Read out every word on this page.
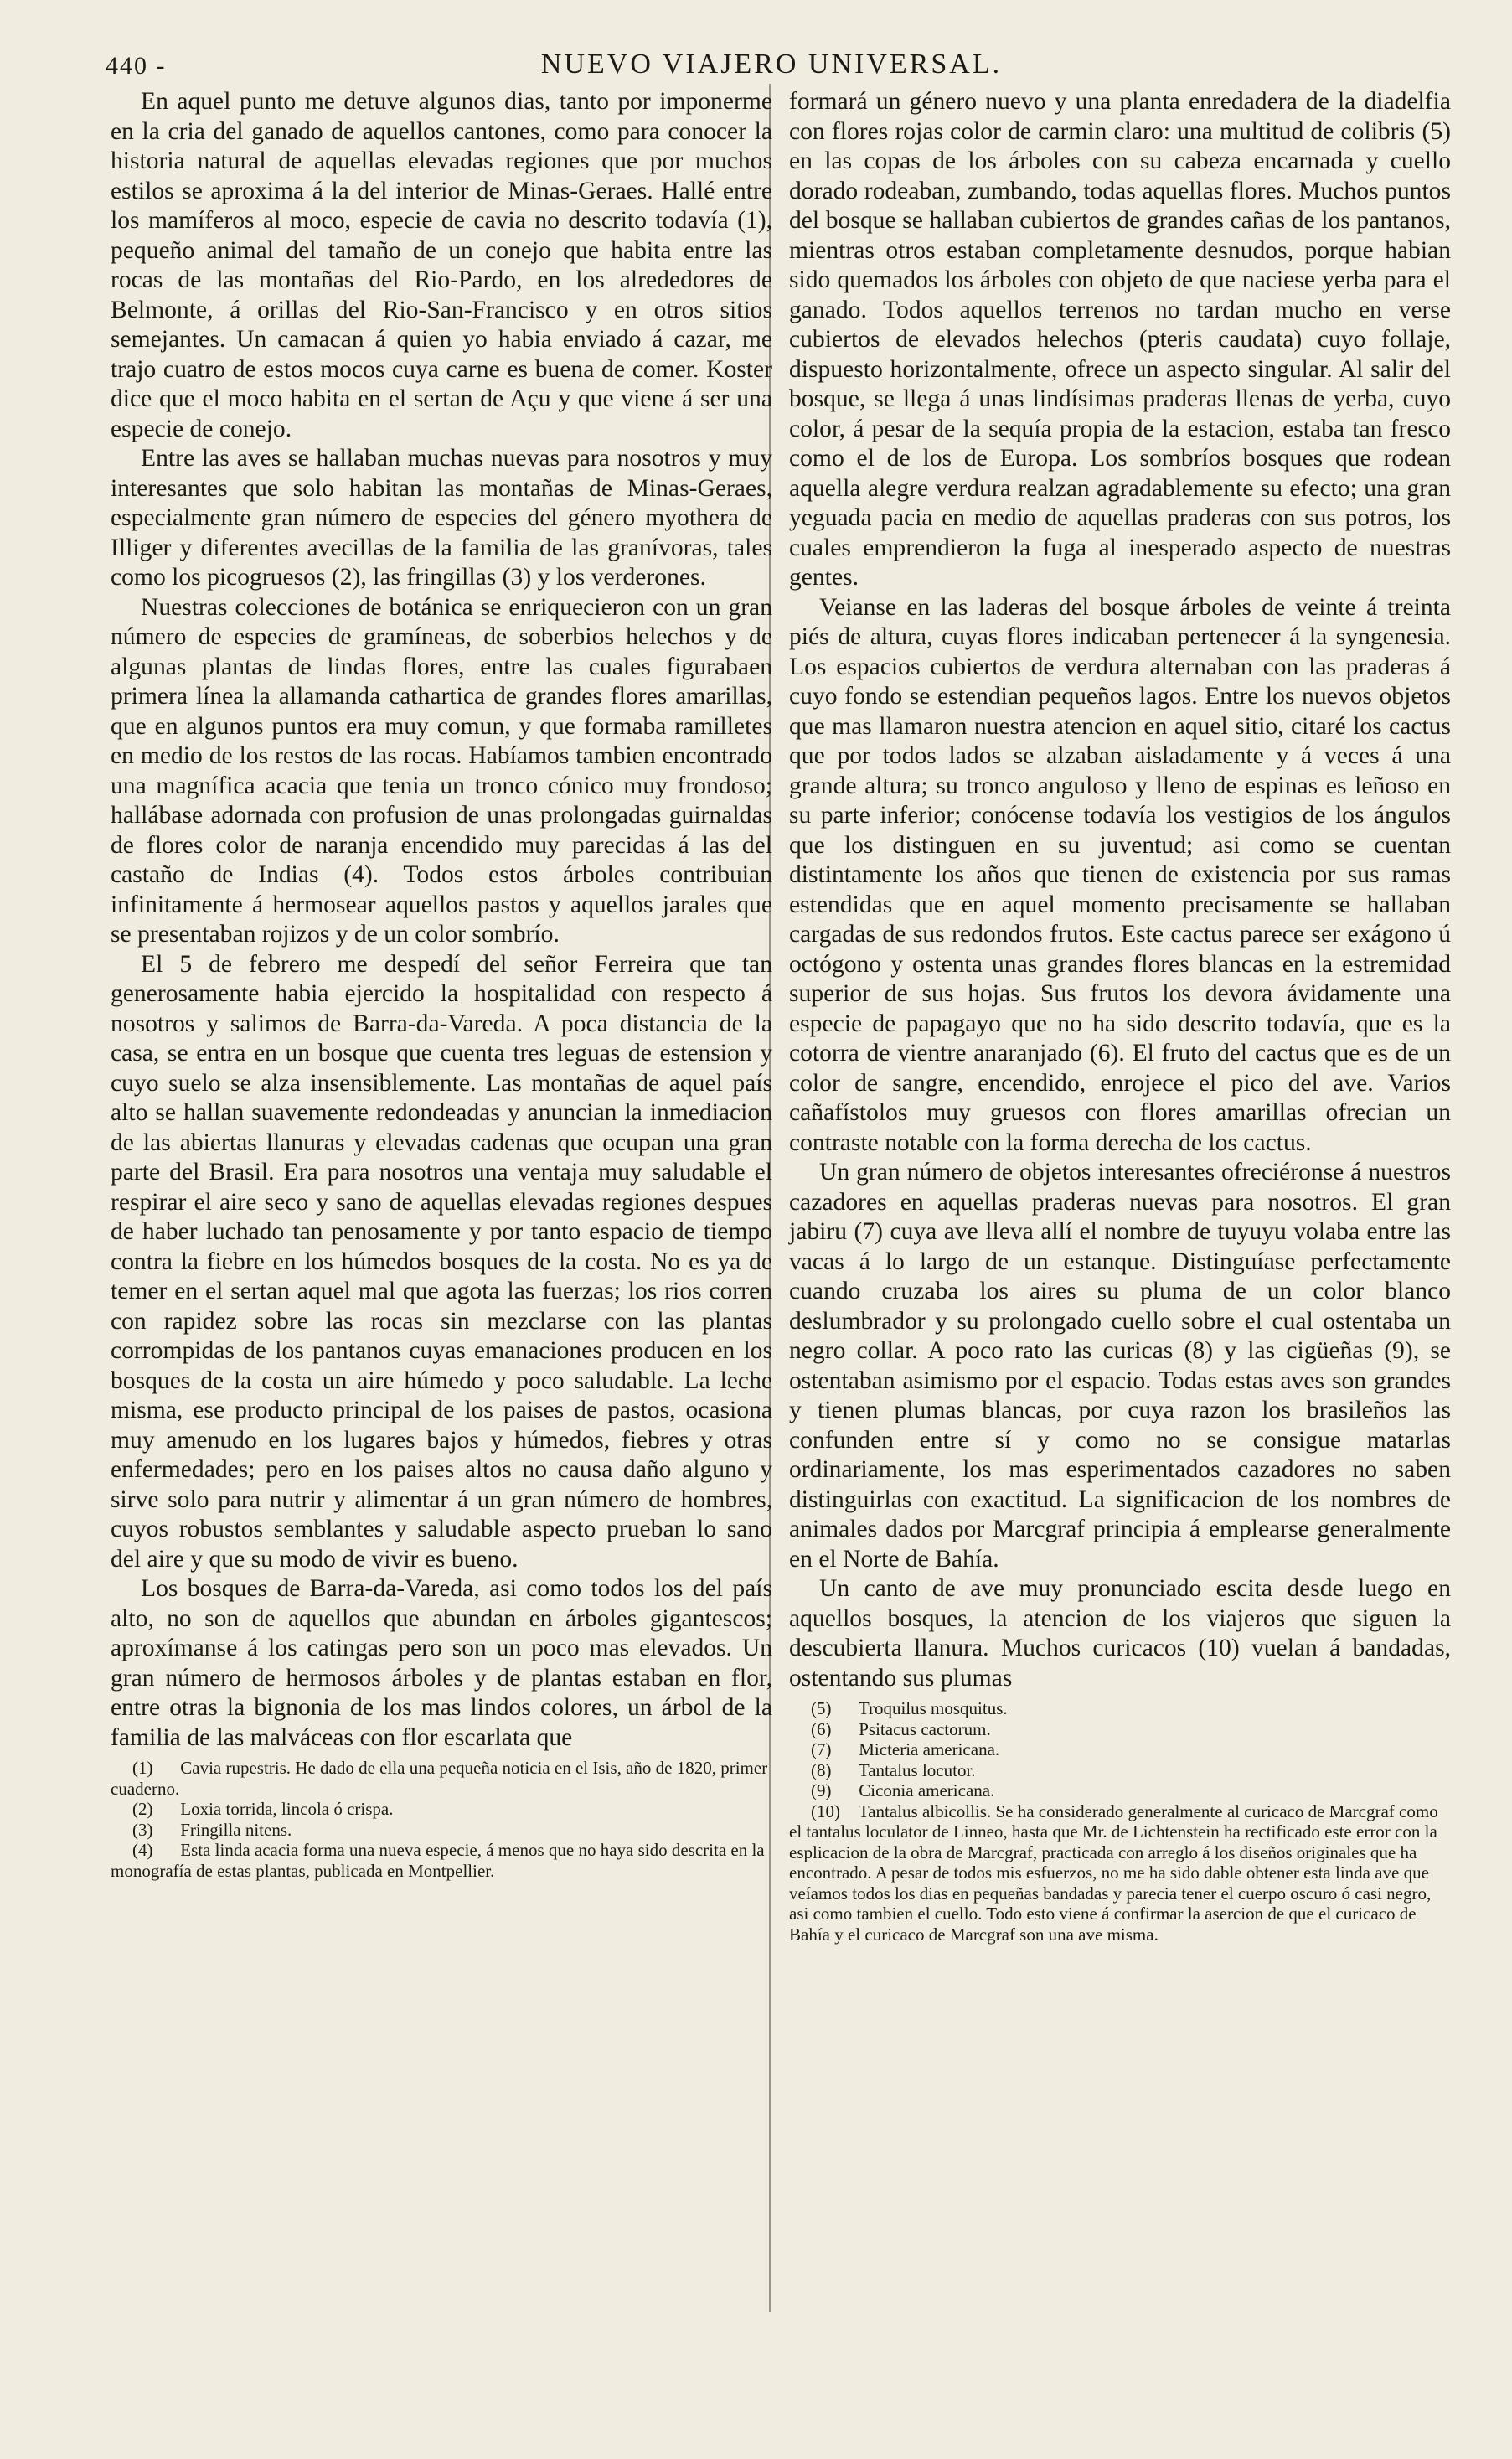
440 -	NUEVO VIAJERO UNIVERSAL.

En aquel punto me detuve algunos dias, tanto por imponerme en la cria del ganado de aquellos cantones, como para conocer la historia natural de aquellas elevadas regiones que por muchos estilos se aproxima á la del interior de Minas-Geraes. Hallé entre los mamíferos al moco, especie de cavia no descrito todavía (1), pequeño animal del tamaño de un conejo que habita entre las rocas de las montañas del Rio-Pardo, en los alrededores de Belmonte, á orillas del Rio-San-Francisco y en otros sitios semejantes. Un camacan á quien yo habia enviado á cazar, me trajo cuatro de estos mocos cuya carne es buena de comer. Koster dice que el moco habita en el sertan de Açu y que viene á ser una especie de conejo.

Entre las aves se hallaban muchas nuevas para nosotros y muy interesantes que solo habitan las montañas de Minas-Geraes, especialmente gran número de especies del género myothera de Illiger y diferentes avecillas de la familia de las granívoras, tales como los picogruesos (2), las fringillas (3) y los verderones.

Nuestras colecciones de botánica se enriquecieron con un gran número de especies de gramíneas, de soberbios helechos y de algunas plantas de lindas flores, entre las cuales figurabaen primera línea la allamanda cathartica de grandes flores amarillas, que en algunos puntos era muy comun, y que formaba ramilletes en medio de los restos de las rocas. Habíamos tambien encontrado una magnífica acacia que tenia un tronco cónico muy frondoso; hallábase adornada con profusion de unas prolongadas guirnaldas de flores color de naranja encendido muy parecidas á las del castaño de Indias (4). Todos estos árboles contribuian infinitamente á hermosear aquellos pastos y aquellos jarales que se presentaban rojizos y de un color sombrío.

El 5 de febrero me despedí del señor Ferreira que tan generosamente habia ejercido la hospitalidad con respecto á nosotros y salimos de Barra-da-Vareda. A poca distancia de la casa, se entra en un bosque que cuenta tres leguas de estension y cuyo suelo se alza insensiblemente. Las montañas de aquel país alto se hallan suavemente redondeadas y anuncian la inmediacion de las abiertas llanuras y elevadas cadenas que ocupan una gran parte del Brasil. Era para nosotros una ventaja muy saludable el respirar el aire seco y sano de aquellas elevadas regiones despues de haber luchado tan penosamente y por tanto espacio de tiempo contra la fiebre en los húmedos bosques de la costa. No es ya de temer en el sertan aquel mal que agota las fuerzas; los rios corren con rapidez sobre las rocas sin mezclarse con las plantas corrompidas de los pantanos cuyas emanaciones producen en los bosques de la costa un aire húmedo y poco saludable. La leche misma, ese producto principal de los paises de pastos, ocasiona muy amenudo en los lugares bajos y húmedos, fiebres y otras enfermedades; pero en los paises altos no causa daño alguno y sirve solo para nutrir y alimentar á un gran número de hombres, cuyos robustos semblantes y saludable aspecto prueban lo sano del aire y que su modo de vivir es bueno.

Los bosques de Barra-da-Vareda, asi como todos los del país alto, no son de aquellos que abundan en árboles gigantescos; aproxímanse á los catingas pero son un poco mas elevados. Un gran número de hermosos árboles y de plantas estaban en flor, entre otras la bignonia de los mas lindos colores, un árbol de la familia de las malváceas con flor escarlata que

(1) Cavia rupestris. He dado de ella una pequeña noticia en el Isis, año de 1820, primer cuaderno.
(2) Loxia torrida, lincola ó crispa.
(3) Fringilla nitens.
(4) Esta linda acacia forma una nueva especie, á menos que no haya sido descrita en la monografía de estas plantas, publicada en Montpellier.

formará un género nuevo y una planta enredadera de la diadelfia con flores rojas color de carmin claro: una multitud de colibris (5) en las copas de los árboles con su cabeza encarnada y cuello dorado rodeaban, zumbando, todas aquellas flores. Muchos puntos del bosque se hallaban cubiertos de grandes cañas de los pantanos, mientras otros estaban completamente desnudos, porque habian sido quemados los árboles con objeto de que naciese yerba para el ganado. Todos aquellos terrenos no tardan mucho en verse cubiertos de elevados helechos (pteris caudata) cuyo follaje, dispuesto horizontalmente, ofrece un aspecto singular. Al salir del bosque, se llega á unas lindísimas praderas llenas de yerba, cuyo color, á pesar de la sequía propia de la estacion, estaba tan fresco como el de los de Europa. Los sombríos bosques que rodean aquella alegre verdura realzan agradablemente su efecto; una gran yeguada pacia en medio de aquellas praderas con sus potros, los cuales emprendieron la fuga al inesperado aspecto de nuestras gentes.

Veianse en las laderas del bosque árboles de veinte á treinta piés de altura, cuyas flores indicaban pertenecer á la syngenesia. Los espacios cubiertos de verdura alternaban con las praderas á cuyo fondo se estendian pequeños lagos. Entre los nuevos objetos que mas llamaron nuestra atencion en aquel sitio, citaré los cactus que por todos lados se alzaban aisladamente y á veces á una grande altura; su tronco anguloso y lleno de espinas es leñoso en su parte inferior; conócense todavía los vestigios de los ángulos que los distinguen en su juventud; asi como se cuentan distintamente los años que tienen de existencia por sus ramas estendidas que en aquel momento precisamente se hallaban cargadas de sus redondos frutos. Este cactus parece ser exágono ú octógono y ostenta unas grandes flores blancas en la estremidad superior de sus hojas. Sus frutos los devora ávidamente una especie de papagayo que no ha sido descrito todavía, que es la cotorra de vientre anaranjado (6). El fruto del cactus que es de un color de sangre, encendido, enrojece el pico del ave. Varios cañafístolos muy gruesos con flores amarillas ofrecian un contraste notable con la forma derecha de los cactus.

Un gran número de objetos interesantes ofreciéronse á nuestros cazadores en aquellas praderas nuevas para nosotros. El gran jabiru (7) cuya ave lleva allí el nombre de tuyuyu volaba entre las vacas á lo largo de un estanque. Distinguíase perfectamente cuando cruzaba los aires su pluma de un color blanco deslumbrador y su prolongado cuello sobre el cual ostentaba un negro collar. A poco rato las curicas (8) y las cigüeñas (9), se ostentaban asimismo por el espacio. Todas estas aves son grandes y tienen plumas blancas, por cuya razon los brasileños las confunden entre sí y como no se consigue matarlas ordinariamente, los mas esperimentados cazadores no saben distinguirlas con exactitud. La significacion de los nombres de animales dados por Marcgraf principia á emplearse generalmente en el Norte de Bahía.

Un canto de ave muy pronunciado escita desde luego en aquellos bosques, la atencion de los viajeros que siguen la descubierta llanura. Muchos curicacos (10) vuelan á bandadas, ostentando sus plumas

(5) Troquilus mosquitus.
(6) Psitacus cactorum.
(7) Micteria americana.
(8) Tantalus locutor.
(9) Ciconia americana.
(10) Tantalus albicollis. Se ha considerado generalmente al curicaco de Marcgraf como el tantalus loculator de Linneo, hasta que Mr. de Lichtenstein ha rectificado este error con la esplicacion de la obra de Marcgraf, practicada con arreglo á los diseños originales que ha encontrado. A pesar de todos mis esfuerzos, no me ha sido dable obtener esta linda ave que veíamos todos los dias en pequeñas bandadas y parecia tener el cuerpo oscuro ó casi negro, asi como tambien el cuello. Todo esto viene á confirmar la asercion de que el curicaco de Bahía y el curicaco de Marcgraf son una ave misma.
